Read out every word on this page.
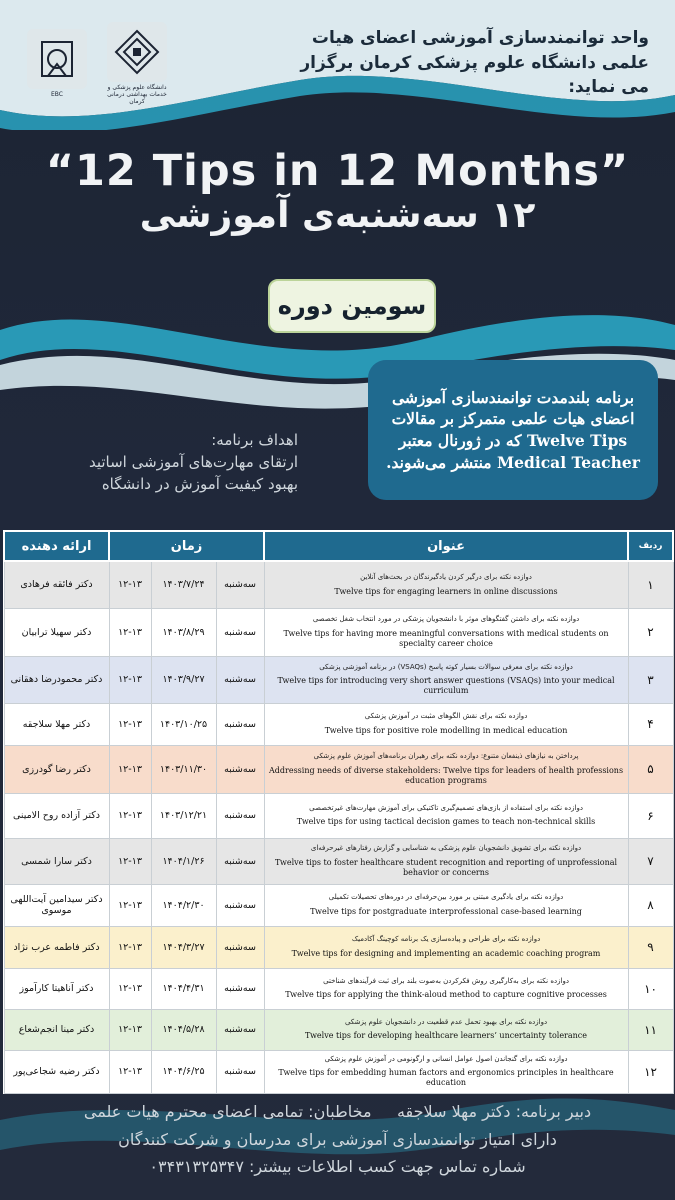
EBC
دانشگاه علوم پزشکی و خدمات بهداشتی درمانی کرمان
واحد توانمندسازی آموزشی اعضای هیات
علمی دانشگاه علوم پزشکی کرمان برگزار می نماید:
“12 Tips in 12 Months”
۱۲ سه‌شنبه‌ی آموزشی
سومین دوره
برنامه بلندمدت توانمندسازی آموزشی اعضای هیات علمی متمرکز بر مقالات Twelve Tips که در ژورنال معتبر Medical Teacher منتشر می‌شوند.
اهداف برنامه:
ارتقای مهارت‌های آموزشی اساتید
بهبود کیفیت آموزش در دانشگاه
ارائه دهنده	زمان			عنوان	ردیف
دکتر فائقه فرهادی	۱۲-۱۳	۱۴۰۳/۷/۲۴	سه‌شنبه	دوازده نکته برای درگیر کردن یادگیرندگان در بحث‌های آنلاین
Twelve tips for engaging learners in online discussions	۱
دکتر سهیلا ترابیان	۱۲-۱۳	۱۴۰۳/۸/۲۹	سه‌شنبه	دوازده نکته برای داشتن گفتگوهای موثر با دانشجویان پزشکی در مورد انتخاب شغل تخصصی
Twelve tips for having more meaningful conversations with medical students on specialty career choice	۲
دکتر محمودرضا دهقانی	۱۲-۱۳	۱۴۰۳/۹/۲۷	سه‌شنبه	دوازده نکته برای معرفی سوالات بسیار کوته پاسخ (VSAQs) در برنامه آموزشی پزشکی
Twelve tips for introducing very short answer questions (VSAQs) into your medical curriculum	۳
دکتر مهلا سلاجقه	۱۲-۱۳	۱۴۰۳/۱۰/۲۵	سه‌شنبه	دوازده نکته برای نقش الگوهای مثبت در آموزش پزشکی
Twelve tips for positive role modelling in medical education	۴
دکتر رضا گودرزی	۱۲-۱۳	۱۴۰۳/۱۱/۳۰	سه‌شنبه	پرداختن به نیازهای ذینفعان متنوع: دوازده نکته برای رهبران برنامه‌های آموزش علوم پزشکی
Addressing needs of diverse stakeholders: Twelve tips for leaders of health professions education programs	۵
دکتر آزاده روح الامینی	۱۲-۱۳	۱۴۰۳/۱۲/۲۱	سه‌شنبه	دوازده نکته برای استفاده از بازی‌های تصمیم‌گیری تاکتیکی برای آموزش مهارت‌های غیرتخصصی
Twelve tips for using tactical decision games to teach non-technical skills	۶
دکتر سارا شمسی	۱۲-۱۳	۱۴۰۴/۱/۲۶	سه‌شنبه	دوازده نکته برای تشویق دانشجویان علوم پزشکی به شناسایی و گزارش رفتارهای غیرحرفه‌ای
Twelve tips to foster healthcare student recognition and reporting of unprofessional behavior or concerns	۷
دکتر سیدامین آیت‌اللهی موسوی	۱۲-۱۳	۱۴۰۴/۲/۳۰	سه‌شنبه	دوازده نکته برای یادگیری مبتنی بر مورد بین‌حرفه‌ای در دوره‌های تحصیلات تکمیلی
Twelve tips for postgraduate interprofessional case-based learning	۸
دکتر فاطمه عرب نژاد	۱۲-۱۳	۱۴۰۴/۳/۲۷	سه‌شنبه	دوازده نکته برای طراحی و پیاده‌سازی یک برنامه کوچینگ آکادمیک
Twelve tips for designing and implementing an academic coaching program	۹
دکتر آناهیتا کارآموز	۱۲-۱۳	۱۴۰۴/۴/۳۱	سه‌شنبه	دوازده نکته برای به‌کارگیری روش فکرکردن به‌صوت بلند برای ثبت فرآیندهای شناختی
Twelve tips for applying the think-aloud method to capture cognitive processes	۱۰
دکتر مینا انجم‌شعاع	۱۲-۱۳	۱۴۰۴/۵/۲۸	سه‌شنبه	دوازده نکته برای بهبود تحمل عدم قطعیت در دانشجویان علوم پزشکی
Twelve tips for developing healthcare learners’ uncertainty tolerance	۱۱
دکتر رضیه شجاعی‌پور	۱۲-۱۳	۱۴۰۴/۶/۲۵	سه‌شنبه	دوازده نکته برای گنجاندن اصول عوامل انسانی و ارگونومی در آموزش علوم پزشکی
Twelve tips for embedding human factors and ergonomics principles in healthcare education	۱۲
دبیر برنامه: دکتر مهلا سلاجقه     مخاطبان: تمامی اعضای محترم هیات علمی
دارای امتیاز توانمندسازی آموزشی برای مدرسان و شرکت کنندگان
شماره تماس جهت کسب اطلاعات بیشتر: ۰۳۴۳۱۳۲۵۳۴۷
